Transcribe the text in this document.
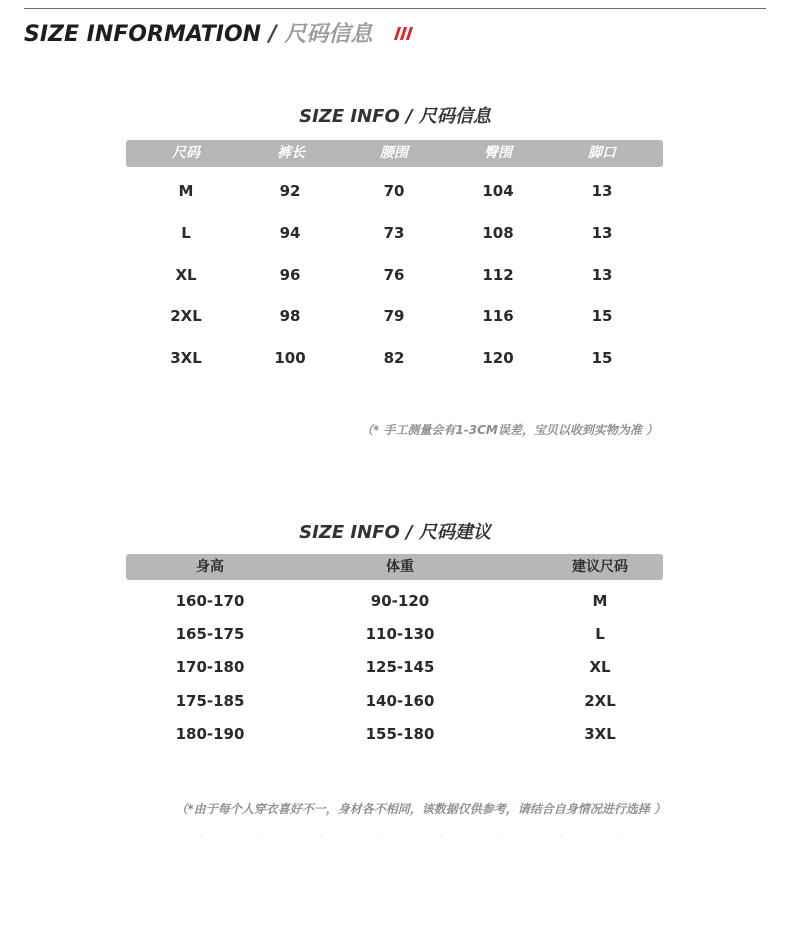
SIZE INFORMATION / 尺码信息
SIZE INFO / 尺码信息
尺码	裤长	腰围	臀围	脚口
M	92	70	104	13
L	94	73	108	13
XL	96	76	112	13
2XL	98	79	116	15
3XL	100	82	120	15
（* 手工测量会有1-3CM误差，宝贝以收到实物为准 ）
SIZE INFO / 尺码建议
身高	体重	建议尺码
160-170	90-120	M
165-175	110-130	L
170-180	125-145	XL
175-185	140-160	2XL
180-190	155-180	3XL
（*由于每个人穿衣喜好不一，身材各不相同，该数据仅供参考，请结合自身情况进行选择 ）
